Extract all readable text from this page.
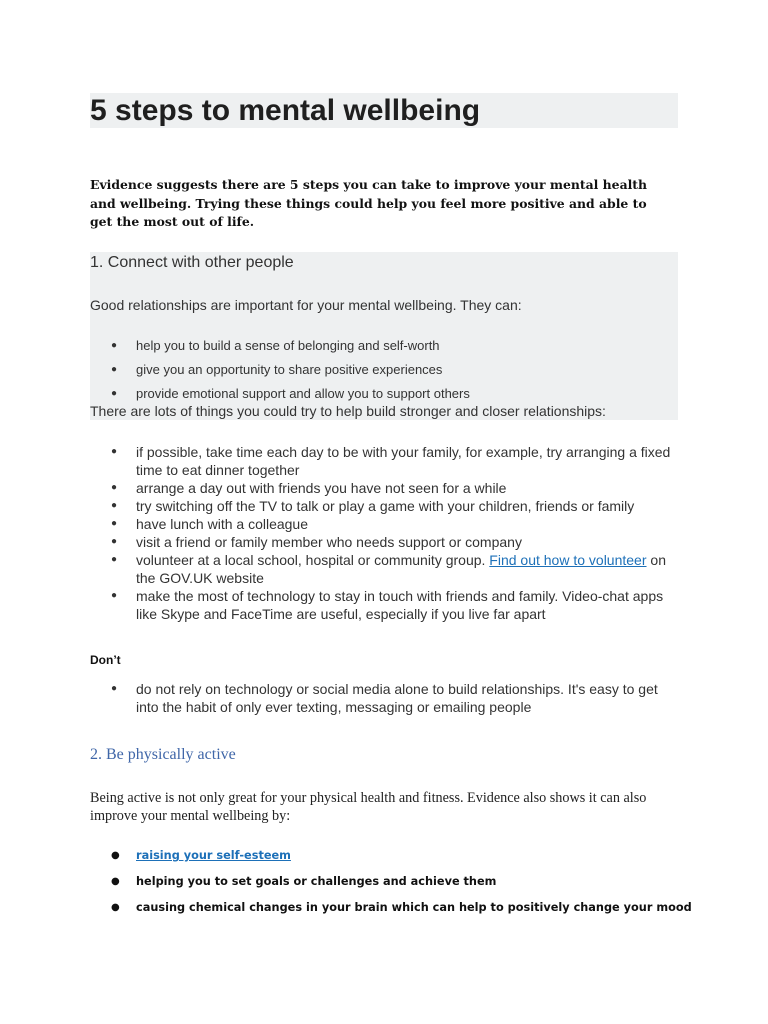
5 steps to mental wellbeing

Evidence suggests there are 5 steps you can take to improve your mental health and wellbeing. Trying these things could help you feel more positive and able to get the most out of life.

1. Connect with other people

Good relationships are important for your mental wellbeing. They can:

● help you to build a sense of belonging and self-worth
● give you an opportunity to share positive experiences
● provide emotional support and allow you to support others

There are lots of things you could try to help build stronger and closer relationships:

● if possible, take time each day to be with your family, for example, try arranging a fixed time to eat dinner together
● arrange a day out with friends you have not seen for a while
● try switching off the TV to talk or play a game with your children, friends or family
● have lunch with a colleague
● visit a friend or family member who needs support or company
● volunteer at a local school, hospital or community group. Find out how to volunteer on the GOV.UK website
● make the most of technology to stay in touch with friends and family. Video-chat apps like Skype and FaceTime are useful, especially if you live far apart

Don’t

● do not rely on technology or social media alone to build relationships. It's easy to get into the habit of only ever texting, messaging or emailing people
2. Be physically active

Being active is not only great for your physical health and fitness. Evidence also shows it can also improve your mental wellbeing by:

● raising your self-esteem
● helping you to set goals or challenges and achieve them
● causing chemical changes in your brain which can help to positively change your mood
